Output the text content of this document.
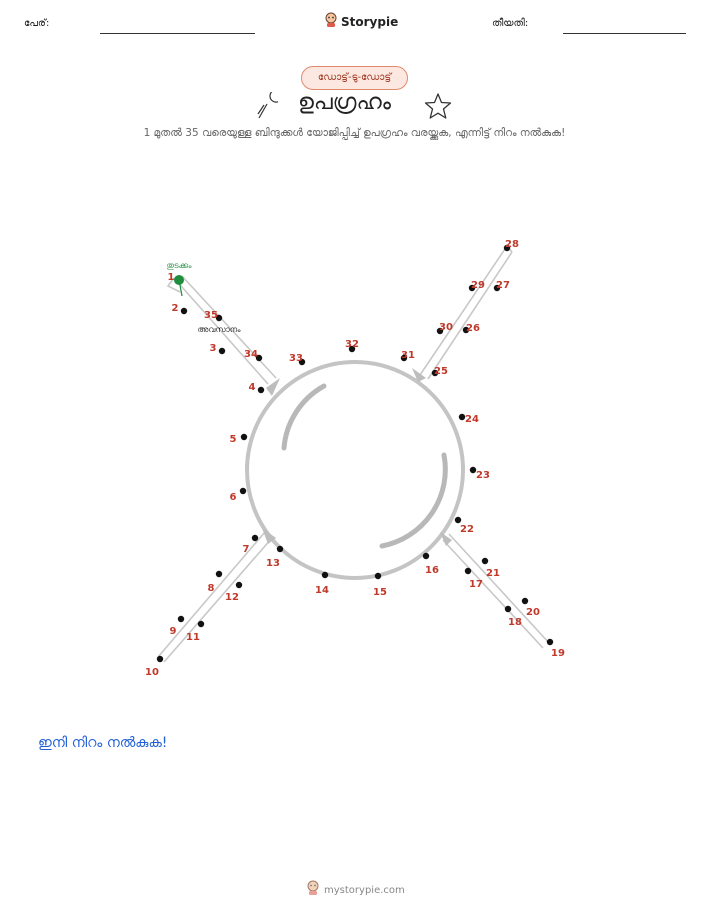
പേര്:	Storypie	തീയതി:
ഡോട്ട്-ടു-ഡോട്ട്
ഉപഗ്രഹം
1 മുതൽ 35 വരെയുള്ള ബിന്ദുക്കൾ യോജിപ്പിച്ച് ഉപഗ്രഹം വരയ്ക്കുക, എന്നിട്ട് നിറം നൽകുക!
1
2
3
4
5
6
7
8
9
10
11
12
13
14	15
16
17
18
19
20
21
22
23
24
25
26
27
28
29
30
31
32
33
34
35
തുടക്കം
അവസാനം
ഇനി നിറം നൽകുക!
mystorypie.com
